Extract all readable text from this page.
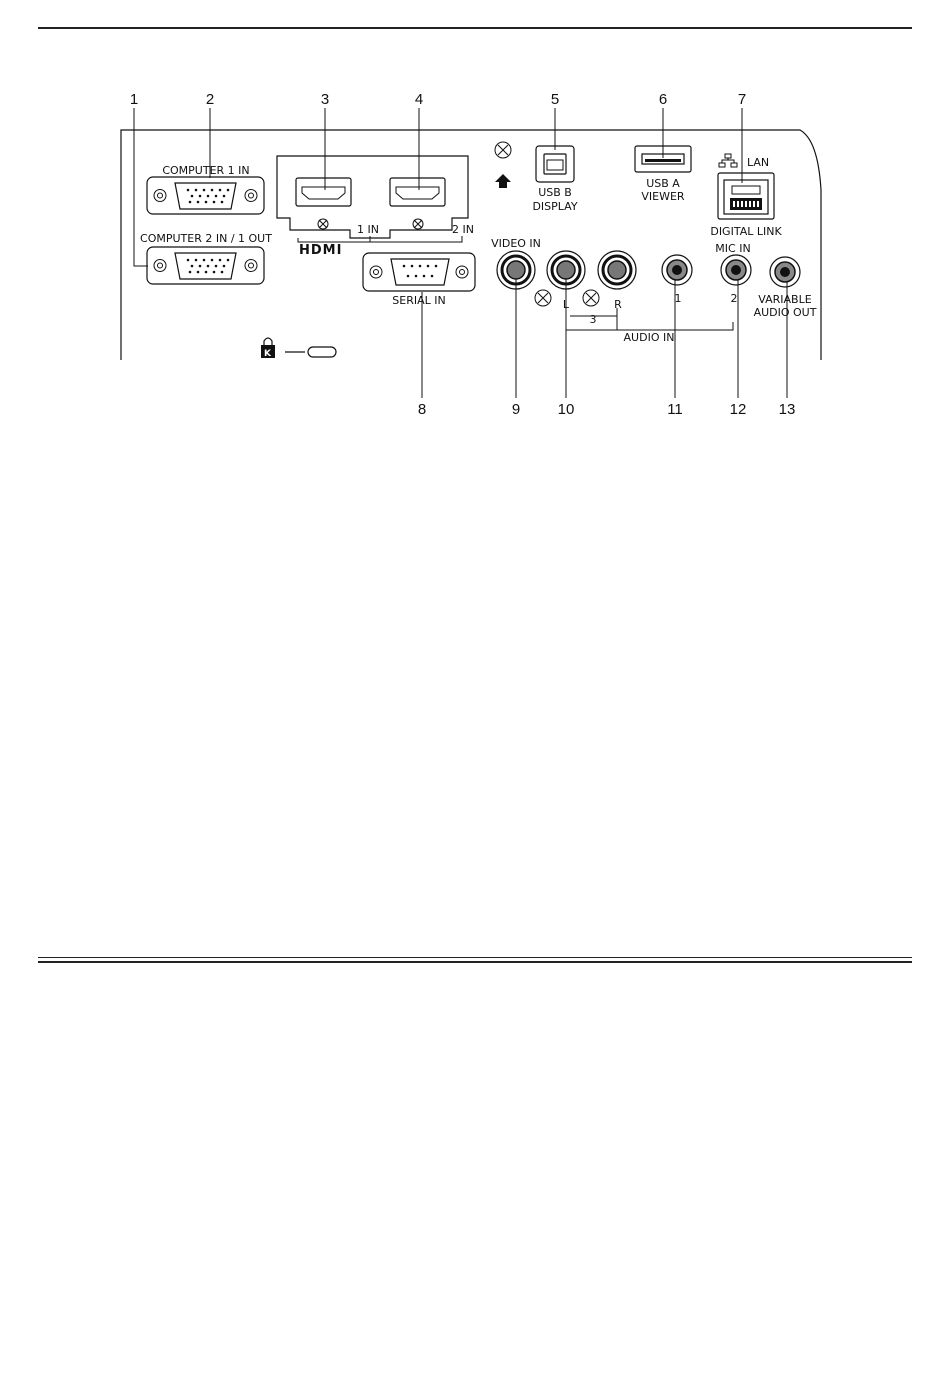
1	2	3	4	5	6	7
8	9 10	11	12 13
COMPUTER 1 IN
COMPUTER 2 IN / 1 OUT
HDMI
1 IN	2 IN
SERIAL IN
K
USB B
DISPLAY
USB A
VIEWER
LAN
DIGITAL LINK
VIDEO IN
L	R
3
1
MIC IN
2
AUDIO IN
VARIABLE
AUDIO OUT
